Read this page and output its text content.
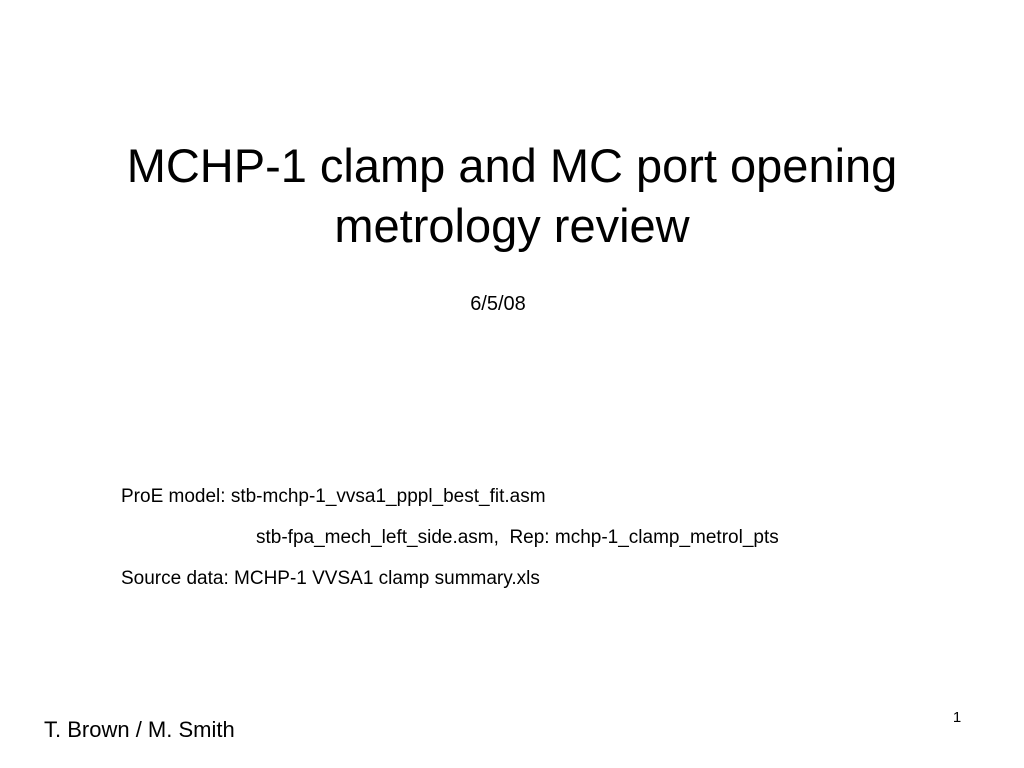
MCHP-1 clamp and MC port opening
metrology review
6/5/08
ProE model: stb-mchp-1_vvsa1_pppl_best_fit.asm
stb-fpa_mech_left_side.asm,  Rep: mchp-1_clamp_metrol_pts
Source data: MCHP-1 VVSA1 clamp summary.xls
T. Brown / M. Smith	1
